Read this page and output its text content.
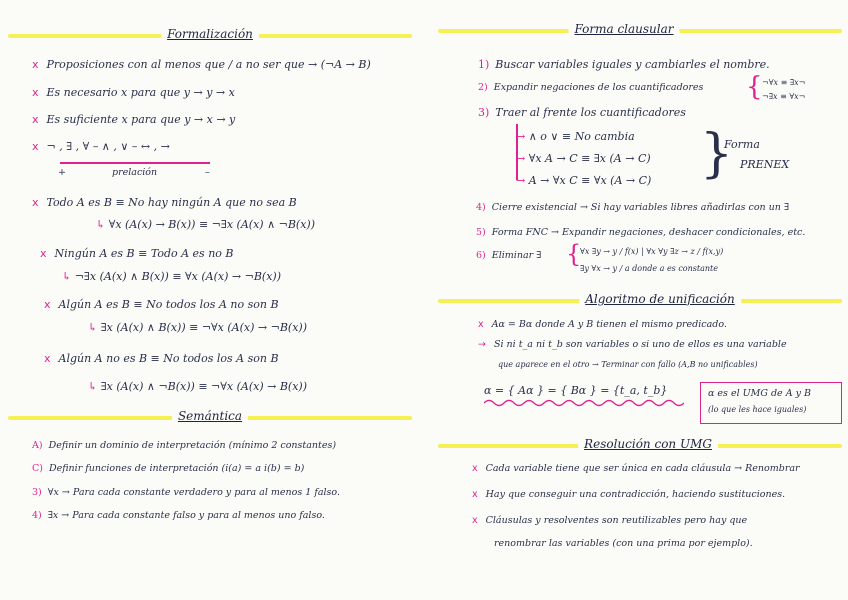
Formalización
x Proposiciones con al menos que / a no ser que → (¬A → B)
x Es necesario x para que y → y → x
x Es suficiente x para que y → x → y
x ¬ , ∃ , ∀ – ∧ , ∨ – ↔ , →
+	prelación	–
x Todo A es B ≡ No hay ningún A que no sea B
↳ ∀x (A(x) → B(x)) ≡ ¬∃x (A(x) ∧ ¬B(x))
x Ningún A es B ≡ Todo A es no B
↳ ¬∃x (A(x) ∧ B(x)) ≡ ∀x (A(x) → ¬B(x))
x Algún A es B ≡ No todos los A no son B
↳ ∃x (A(x) ∧ B(x)) ≡ ¬∀x (A(x) → ¬B(x))
x Algún A no es B ≡ No todos los A son B
↳ ∃x (A(x) ∧ ¬B(x)) ≡ ¬∀x (A(x) → B(x))
Semántica
A) Definir un dominio de interpretación (mínimo 2 constantes)
C) Definir funciones de interpretación (i(a) = a i(b) = b)
3) ∀x → Para cada constante verdadero y para al menos 1 falso.
4) ∃x → Para cada constante falso y para al menos uno falso.
Forma clausular
1) Buscar variables iguales y cambiarles el nombre.
2) Expandir negaciones de los cuantificadores { ¬∀x ≡ ∃x¬
¬∃x ≡ ∀x¬
3) Traer al frente los cuantificadores
→ ∧ o ∨ ≡ No cambia
→ ∀x A → C ≡ ∃x (A → C)
→ A → ∀x C ≡ ∀x (A → C) }
Forma
PRENEX
4) Cierre existencial → Si hay variables libres añadirlas con un ∃
5) Forma FNC → Expandir negaciones, deshacer condicionales, etc.
6) Eliminar ∃ {
∀x ∃y → y / f(x) | ∀x ∀y ∃z → z / f(x,y)
∃y ∀x → y / a donde a es constante
Algoritmo de unificación
x Aα = Bα donde A y B tienen el mismo predicado.
→ Si ni t_a ni t_b son variables o si uno de ellos es una variable
que aparece en el otro → Terminar con fallo (A,B no unificables)
α = { Aα } = { Bα } = {t_a, t_b}	α es el UMG de A y B
(lo que les hace iguales)
Resolución con UMG
x Cada variable tiene que ser única en cada cláusula → Renombrar
x Hay que conseguir una contradicción, haciendo sustituciones.
x Cláusulas y resolventes son reutilizables pero hay que
renombrar las variables (con una prima por ejemplo).
